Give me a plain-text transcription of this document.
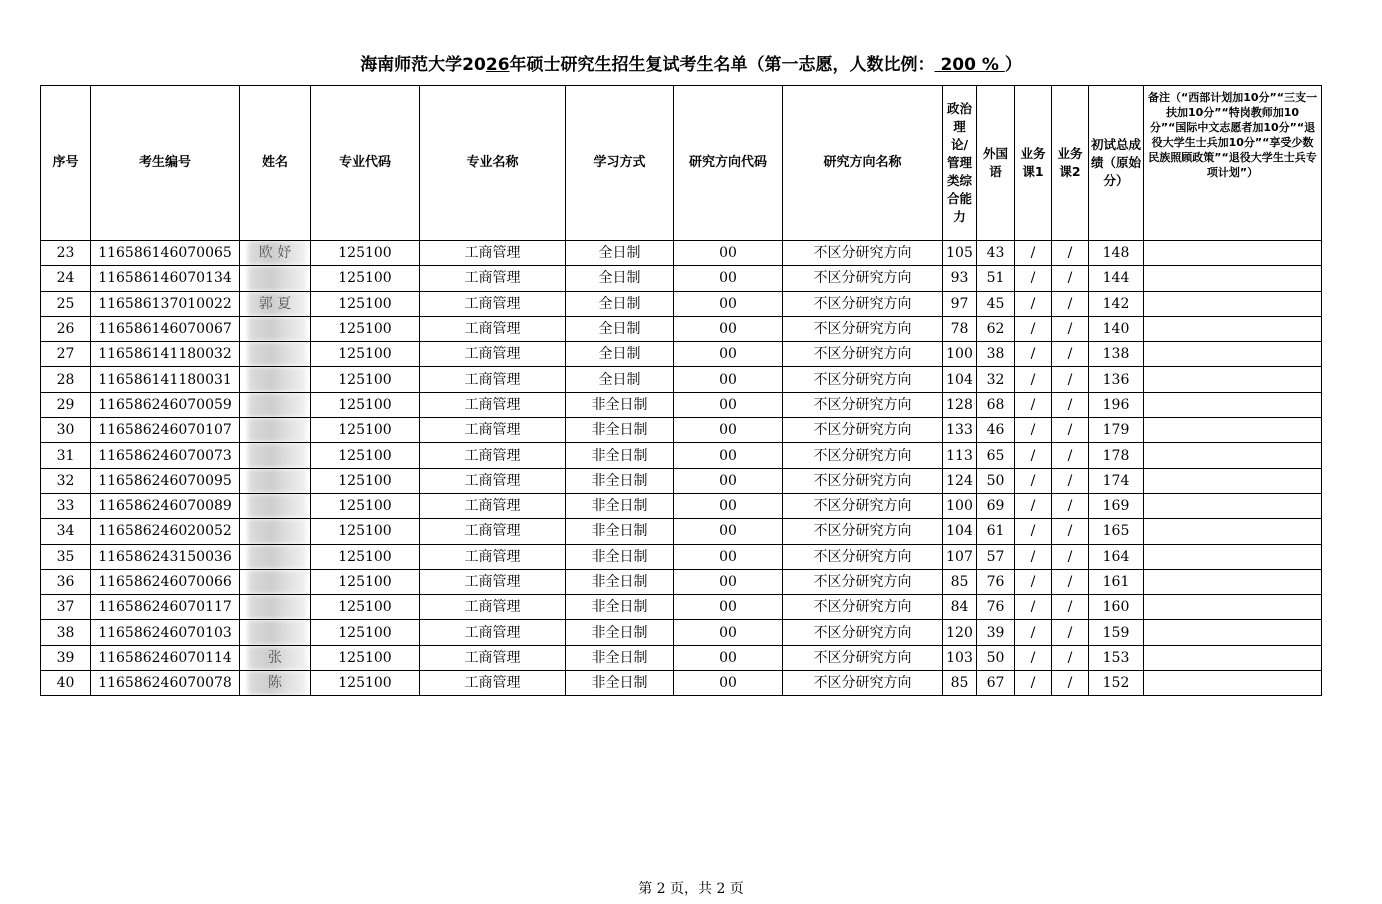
海南师范大学2026年硕士研究生招生复试考生名单（第一志愿，人数比例： 200 % ）
序号	考生编号	姓名	专业代码	专业名称	学习方式	研究方向代码	研究方向名称	政治理论/管理类综合能力	外国语	业务课1	业务课2	初试总成绩（原始分）	备注（“西部计划加10分”“三支一扶加10分”“特岗教师加10分”“国际中文志愿者加10分”“退役大学生士兵加10分”“享受少数民族照顾政策”“退役大学生士兵专项计划”）
23	116586146070065	欧 妤	125100	工商管理	全日制	00	不区分研究方向	105	43	/	/	148	
24	116586146070134		125100	工商管理	全日制	00	不区分研究方向	93	51	/	/	144	
25	116586137010022	郭 夏	125100	工商管理	全日制	00	不区分研究方向	97	45	/	/	142	
26	116586146070067		125100	工商管理	全日制	00	不区分研究方向	78	62	/	/	140	
27	116586141180032		125100	工商管理	全日制	00	不区分研究方向	100	38	/	/	138	
28	116586141180031		125100	工商管理	全日制	00	不区分研究方向	104	32	/	/	136	
29	116586246070059		125100	工商管理	非全日制	00	不区分研究方向	128	68	/	/	196	
30	116586246070107		125100	工商管理	非全日制	00	不区分研究方向	133	46	/	/	179	
31	116586246070073		125100	工商管理	非全日制	00	不区分研究方向	113	65	/	/	178	
32	116586246070095		125100	工商管理	非全日制	00	不区分研究方向	124	50	/	/	174	
33	116586246070089		125100	工商管理	非全日制	00	不区分研究方向	100	69	/	/	169	
34	116586246020052		125100	工商管理	非全日制	00	不区分研究方向	104	61	/	/	165	
35	116586243150036		125100	工商管理	非全日制	00	不区分研究方向	107	57	/	/	164	
36	116586246070066		125100	工商管理	非全日制	00	不区分研究方向	85	76	/	/	161	
37	116586246070117		125100	工商管理	非全日制	00	不区分研究方向	84	76	/	/	160	
38	116586246070103		125100	工商管理	非全日制	00	不区分研究方向	120	39	/	/	159	
39	116586246070114	张	125100	工商管理	非全日制	00	不区分研究方向	103	50	/	/	153	
40	116586246070078	陈	125100	工商管理	非全日制	00	不区分研究方向	85	67	/	/	152	
第 2 页，共 2 页
